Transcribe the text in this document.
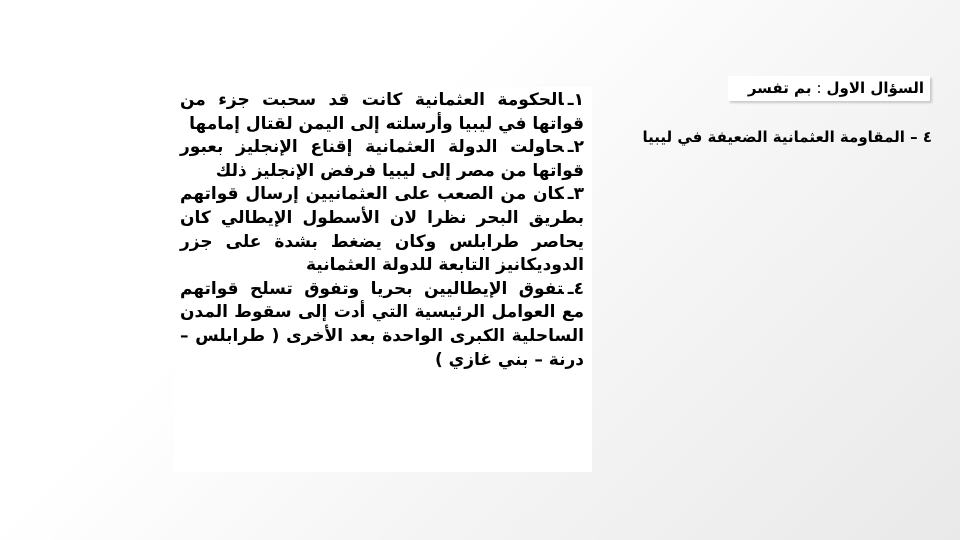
السؤال الاول:بم تفسر
٤ – المقاومة العثمانية الضعيفة في ليبيا

١ـالحكومة العثمانية كانت قد سحبت جزء من قواتها في ليبيا وأرسلته إلى اليمن لقتال إمامها

٢ـحاولت الدولة العثمانية إقناع الإنجليز بعبور قواتها من مصر إلى ليبيا فرفض الإنجليز ذلك

٣ـكان من الصعب على العثمانيين إرسال قواتهم بطريق البحر نظرا لان الأسطول الإيطالي كان يحاصر طرابلس وكان يضغط بشدة على جزر الدوديكانيز التابعة للدولة العثمانية

٤ـتفوق الإيطاليين بحريا وتفوق تسلح قواتهم مع العوامل الرئيسية التي أدت إلى سقوط المدن الساحلية الكبرى الواحدة بعد الأخرى ( طرابلس – درنة – بني غازي )
